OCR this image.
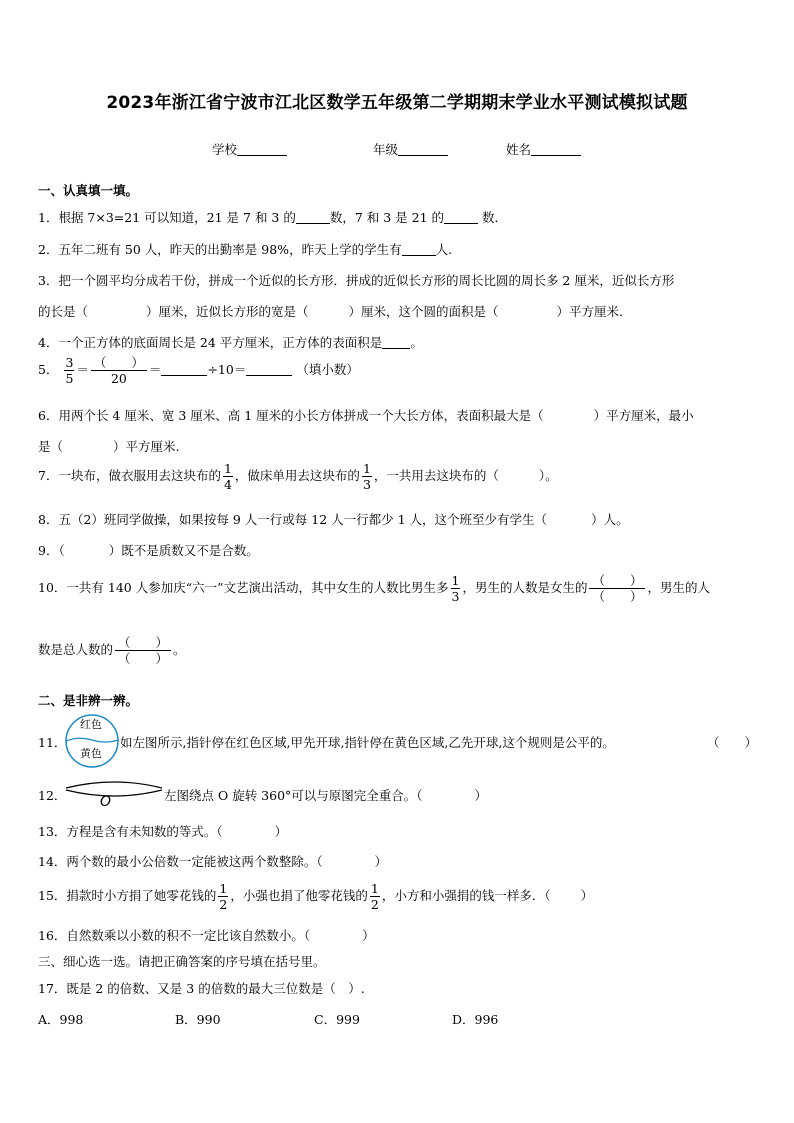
2023年浙江省宁波市江北区数学五年级第二学期期末学业水平测试模拟试题
学校	年级	姓名
一、认真填一填。
1．根据 7×3=21 可以知道，21 是 7 和 3 的	数，7 和 3 是 21 的	数．
2．五年二班有 50 人，昨天的出勤率是 98%，昨天上学的学生有	人.
3．把一个圆平均分成若干份，拼成一个近似的长方形．拼成的近似长方形的周长比圆的周长多 2 厘米，近似长方形
的长是（	）厘米，近似长方形的宽是（	）厘米，这个圆的面积是（	）平方厘米.
4．一个正方体的底面周长是 24 平方厘米，正方体的表面积是 。
5． $\frac{3}{5} = \frac{( )}{20}$ ＝	÷10＝	（填小数）
6．用两个长 4 厘米、宽 3 厘米、高 1 厘米的小长方体拼成一个大长方体，表面积最大是（	）平方厘米，最小
是（	）平方厘米.
7．一块布，做衣服用去这块布的 $\frac{1}{4}$ ，做床单用去这块布的 $\frac{1}{3}$ ，一共用去这块布的（	）。
8．五（2）班同学做操，如果按每 9 人一行或每 12 人一行都少 1 人，这个班至少有学生（	）人。
9．（	）既不是质数又不是合数。
10．一共有 140 人参加庆“六一”文艺演出活动，其中女生的人数比男生多 $\frac{1}{3}$ ，男生的人数是女生的 $\frac{( )}{( )}$ ，男生的人
数是总人数的 $\frac{( )}{( )}$ 。
二、是非辨一辨。
11．
红色
黄色
如左图所示,指针停在红色区域,甲先开球,指针停在黄色区域,乙先开球,这个规则是公平的。	（　　）
12． O	左图绕点 O 旋转 360°可以与原图完全重合。（	）
13．方程是含有未知数的等式。（	）
14．两个数的最小公倍数一定能被这两个数整除。（	）
15．捐款时小方捐了她零花钱的 $\frac{1}{2}$ ，小强也捐了他零花钱的 $\frac{1}{2}$ ，小方和小强捐的钱一样多．（ ）
16．自然数乘以小数的积不一定比该自然数小。（	）
三、细心选一选。请把正确答案的序号填在括号里。
17．既是 2 的倍数、又是 3 的倍数的最大三位数是（　）.
A．998	B．990	C．999	D．996
